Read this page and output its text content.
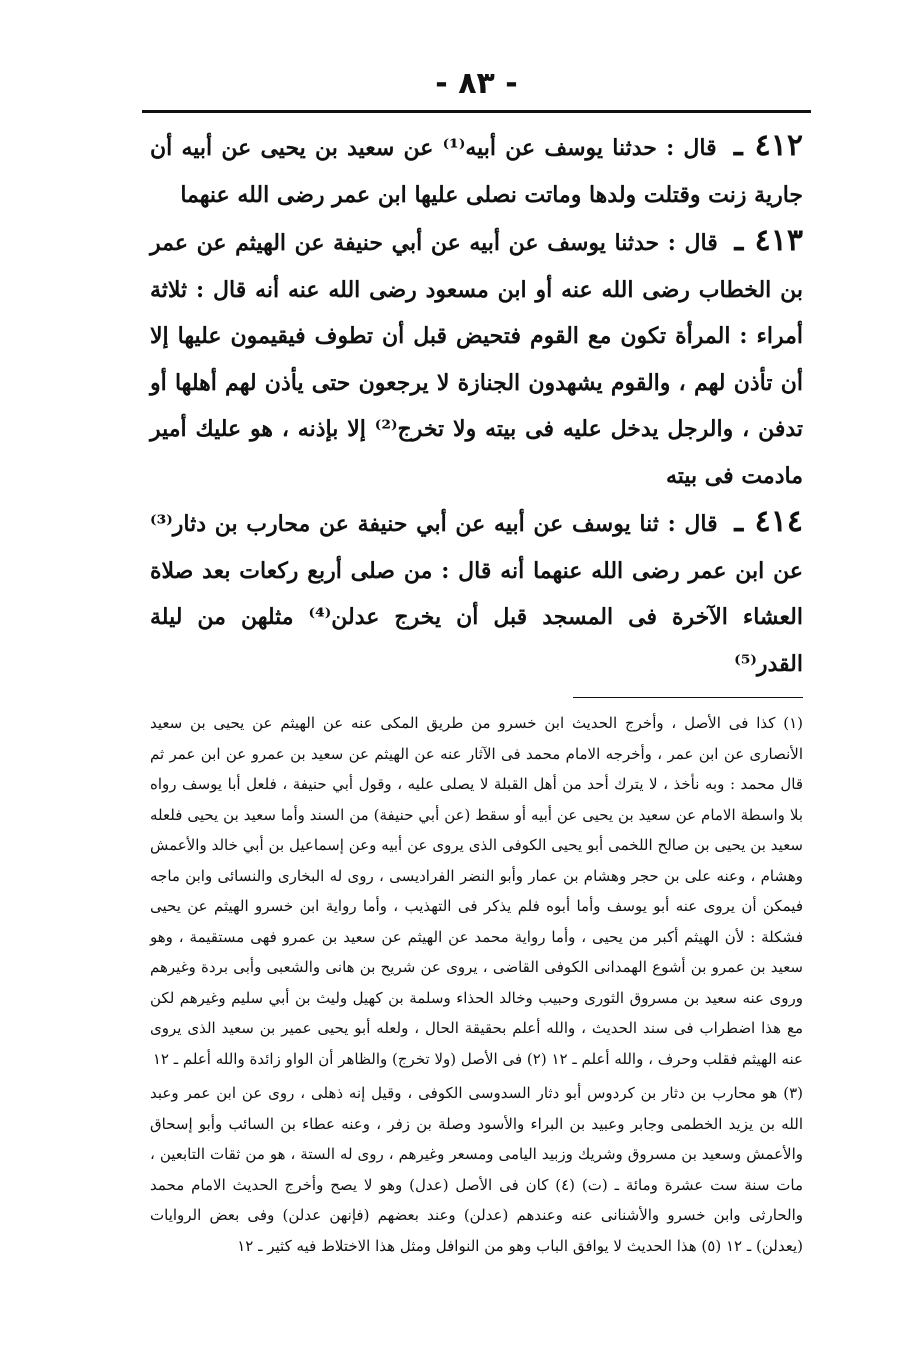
- ٨٣ -

٤١٢ ـ قال : حدثنا يوسف عن أبيه⁽¹⁾ عن سعيد بن يحيى عن أبيه أن جارية زنت وقتلت ولدها وماتت نصلى عليها ابن عمر رضى الله عنهما

٤١٣ ـ قال : حدثنا يوسف عن أبيه عن أبي حنيفة عن الهيثم عن عمر بن الخطاب رضى الله عنه أو ابن مسعود رضى الله عنه أنه قال : ثلاثة أمراء : المرأة تكون مع القوم فتحيض قبل أن تطوف فيقيمون عليها إلا أن تأذن لهم ، والقوم يشهدون الجنازة لا يرجعون حتى يأذن لهم أهلها أو تدفن ، والرجل يدخل عليه فى بيته ولا تخرج⁽²⁾ إلا بإذنه ، هو عليك أمير مادمت فى بيته

٤١٤ ـ قال : ثنا يوسف عن أبيه عن أبي حنيفة عن محارب بن دثار⁽³⁾ عن ابن عمر رضى الله عنهما أنه قال : من صلى أربع ركعات بعد صلاة العشاء الآخرة فى المسجد قبل أن يخرج عدلن⁽⁴⁾ مثلهن من ليلة القدر⁽⁵⁾

(١) كذا فى الأصل ، وأخرج الحديث ابن خسرو من طريق المكى عنه عن الهيثم عن يحيى بن سعيد الأنصارى عن ابن عمر ، وأخرجه الامام محمد فى الآثار عنه عن الهيثم عن سعيد بن عمرو عن ابن عمر ثم قال محمد : وبه نأخذ ، لا يترك أحد من أهل القبلة لا يصلى عليه ، وقول أبي حنيفة ، فلعل أبا يوسف رواه بلا واسطة الامام عن سعيد بن يحيى عن أبيه أو سقط (عن أبي حنيفة) من السند وأما سعيد بن يحيى فلعله سعيد بن يحيى بن صالح اللخمى أبو يحيى الكوفى الذى يروى عن أبيه وعن إسماعيل بن أبي خالد والأعمش وهشام ، وعنه على بن حجر وهشام بن عمار وأبو النضر الفراديسى ، روى له البخارى والنسائى وابن ماجه فيمكن أن يروى عنه أبو يوسف وأما أبوه فلم يذكر فى التهذيب ، وأما رواية ابن خسرو الهيثم عن يحيى فشكلة : لأن الهيثم أكبر من يحيى ، وأما رواية محمد عن الهيثم عن سعيد بن عمرو فهى مستقيمة ، وهو سعيد بن عمرو بن أشوع الهمدانى الكوفى القاضى ، يروى عن شريح بن هانى والشعبى وأبى بردة وغيرهم وروى عنه سعيد بن مسروق الثورى وحبيب وخالد الحذاء وسلمة بن كهيل وليث بن أبي سليم وغيرهم لكن مع هذا اضطراب فى سند الحديث ، والله أعلم بحقيقة الحال ، ولعله أبو يحيى عمير بن سعيد الذى يروى عنه الهيثم فقلب وحرف ، والله أعلم ـ ١٢ (٢) فى الأصل (ولا تخرج) والظاهر أن الواو زائدة والله أعلم ـ ١٢

(٣) هو محارب بن دثار بن كردوس أبو دثار السدوسى الكوفى ، وقيل إنه ذهلى ، روى عن ابن عمر وعبد الله بن يزيد الخطمى وجابر وعبيد بن البراء والأسود وصلة بن زفر ، وعنه عطاء بن السائب وأبو إسحاق والأعمش وسعيد بن مسروق وشريك وزبيد اليامى ومسعر وغيرهم ، روى له الستة ، هو من ثقات التابعين ، مات سنة ست عشرة ومائة ـ (ت) (٤) كان فى الأصل (عدل) وهو لا يصح وأخرج الحديث الامام محمد والحارثى وابن خسرو والأشنانى عنه وعندهم (عدلن) وعند بعضهم (فإنهن عدلن) وفى بعض الروايات (يعدلن) ـ ١٢ (٥) هذا الحديث لا يوافق الباب وهو من النوافل ومثل هذا الاختلاط فيه كثير ـ ١٢
